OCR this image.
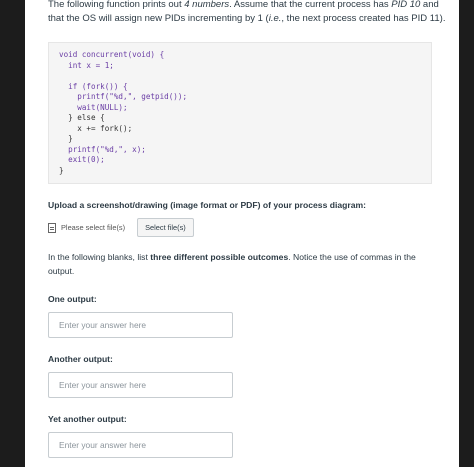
The following function prints out 4 numbers. Assume that the current process has PID 10 and that the OS will assign new PIDs incrementing by 1 (i.e., the next process created has PID 11).
void concurrent(void) {
int x = 1;

if (fork()) {
printf("%d,", getpid());
wait(NULL);
} else {
x += fork();
}
printf("%d,", x);
exit(0);
}
Upload a screenshot/drawing (image format or PDF) of your process diagram:
Please select file(s)	Select file(s)
In the following blanks, list three different possible outcomes. Notice the use of commas in the output.
One output:
Enter your answer here
Another output:
Enter your answer here
Yet another output:
Enter your answer here
